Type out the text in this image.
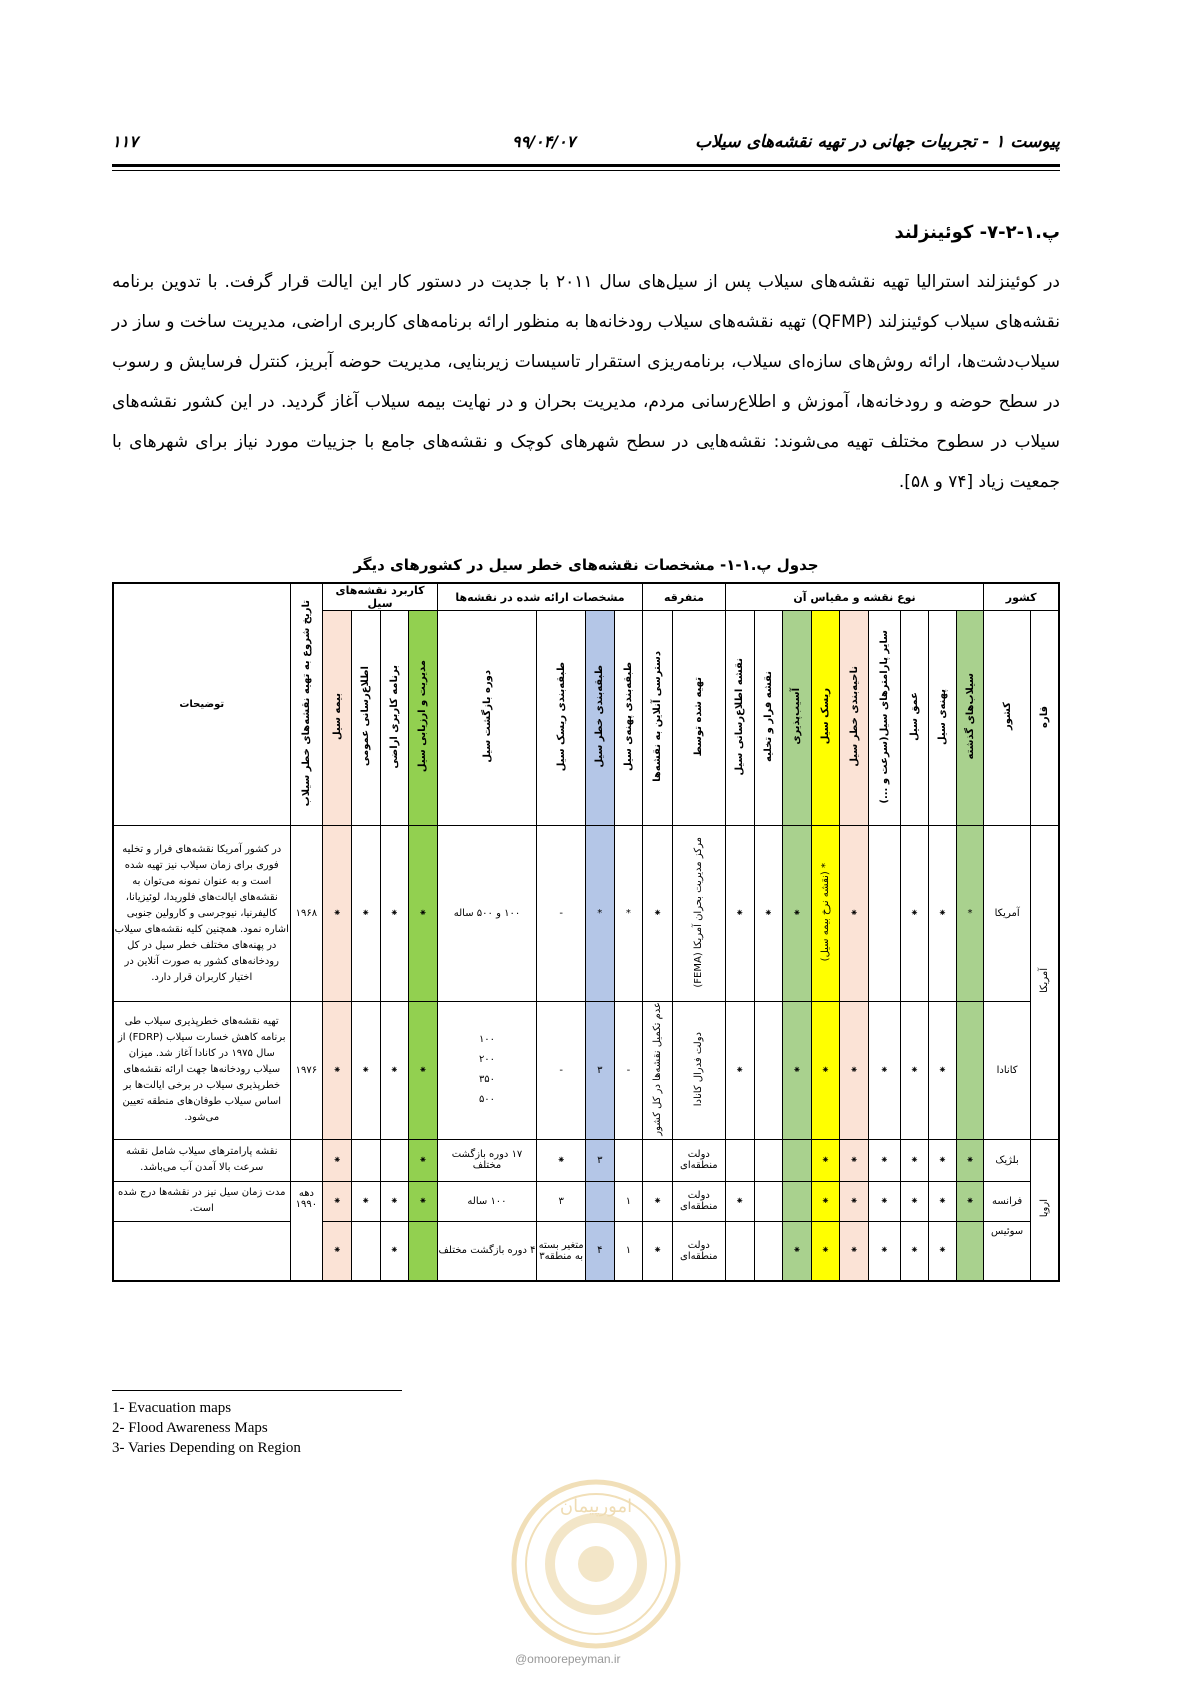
پیوست ۱ - تجربیات جهانی در تهیه نقشه‌های سیلاب
۹۹/۰۴/۰۷
۱۱۷
پ.۱-۲-۷- کوئینزلند
در کوئینزلند استرالیا تهیه نقشه‌های سیلاب پس از سیل‌های سال ۲۰۱۱ با جدیت در دستور کار این ایالت قرار گرفت. با تدوین برنامه نقشه‌های سیلاب کوئینزلند (QFMP) تهیه نقشه‌های سیلاب رودخانه‌ها به منظور ارائه برنامه‌های کاربری اراضی، مدیریت ساخت و ساز در سیلاب‌دشت‌ها، ارائه روش‌های سازه‌ای سیلاب، برنامه‌ریزی استقرار تاسیسات زیربنایی، مدیریت حوضه آبریز، کنترل فرسایش و رسوب در سطح حوضه و رودخانه‌ها، آموزش و اطلاع‌رسانی مردم، مدیریت بحران و در نهایت بیمه سیلاب آغاز گردید. در این کشور نقشه‌های سیلاب در سطوح مختلف تهیه می‌شوند: نقشه‌هایی در سطح شهرهای کوچک و نقشه‌های جامع با جزییات مورد نیاز برای شهرهای با جمعیت زیاد [۷۴ و ۵۸].
جدول پ.۱-۱- مشخصات نقشه‌های خطر سیل در کشورهای دیگر
کشور		نوع نقشه و مقیاس آن									متفرقه		مشخصات ارائه شده در نقشه‌ها				کاربرد نقشه‌های سیل				تاریخ شروع به تهیه نقشه‌های خطر سیلاب	توضیحات
قاره	کشور	سیلاب‌های گذشته	پهنه‌ی سیل	عمق سیل	سایر پارامترهای سیل(سرعت و ...)	ناحیه‌بندی خطر سیل	ریسک سیل	آسیب‌پذیری	نقشه فرار و تخلیه	نقشه اطلاع‌رسانی سیل	تهیه شده توسط	دسترسی آنلاین به نقشه‌ها	طبقه‌بندی پهنه‌ی سیل	طبقه‌بندی خطر سیل	طبقه‌بندی ریسک سیل	دوره بازگشت سیل	مدیریت و ارزیابی سیل	برنامه کاربری اراضی	اطلاع‌رسانی عمومی	بیمه سیل		
آمریکا	آمریکا	*	⁕	⁕		⁕	* (نقشه نرخ بیمه سیل)	⁕	⁕	⁕	مرکز مدیریت بحران آمریکا (FEMA)	⁕	*	*	-	۱۰۰ و ۵۰۰ ساله	⁕	⁕	⁕	⁕	۱۹۶۸	در کشور آمریکا نقشه‌های فرار و تخلیه فوری برای زمان سیلاب نیز تهیه شده است و به عنوان نمونه می‌توان به نقشه‌های ایالت‌های فلوریدا، لوئیزیانا، کالیفرنیا، نیوجرسی و کارولین جنوبی اشاره نمود. همچنین کلیه نقشه‌های سیلاب در پهنه‌های مختلف خطر سیل در کل رودخانه‌های کشور به صورت آنلاین در اختیار کاربران قرار دارد.
	کانادا		⁕	⁕	⁕	⁕	⁕	⁕		⁕	دولت فدرال کانادا	عدم تکمیل نقشه‌ها در کل کشور	-	۳	-	۱۰۰ ۲۰۰ ۳۵۰ ۵۰۰	⁕	⁕	⁕	⁕	۱۹۷۶	تهیه نقشه‌های خطرپذیری سیلاب طی برنامه کاهش خسارت سیلاب (FDRP) از سال ۱۹۷۵ در کانادا آغاز شد. میزان سیلاب رودخانه‌ها جهت ارائه نقشه‌های خطرپذیری سیلاب در برخی ایالت‌ها بر اساس سیلاب طوفان‌های منطقه تعیین می‌شود.
اروپا	بلژیک	⁕	⁕	⁕	⁕	⁕	⁕				دولت منطقه‌ای			۳	⁕	۱۷ دوره بازگشت مختلف	⁕			⁕		نقشه پارامترهای سیلاب شامل نقشه سرعت بالا آمدن آب می‌باشد.
	فرانسه	⁕	⁕	⁕	⁕	⁕	⁕			⁕	دولت منطقه‌ای	⁕	۱		۳	۱۰۰ ساله	⁕	⁕	⁕	⁕	دهه ۱۹۹۰	مدت زمان سیل نیز در نقشه‌ها درج شده است.
	سوئیس		⁕	⁕	⁕	⁕	⁕	⁕			دولت منطقه‌ای	⁕	۱	۴	متغیر بسته به منطقه۳	۴ دوره بازگشت مختلف		⁕		⁕		
1- Evacuation maps
2- Flood Awareness Maps
3- Varies Depending on Region
امورپیمان
@omoorepeyman.ir
